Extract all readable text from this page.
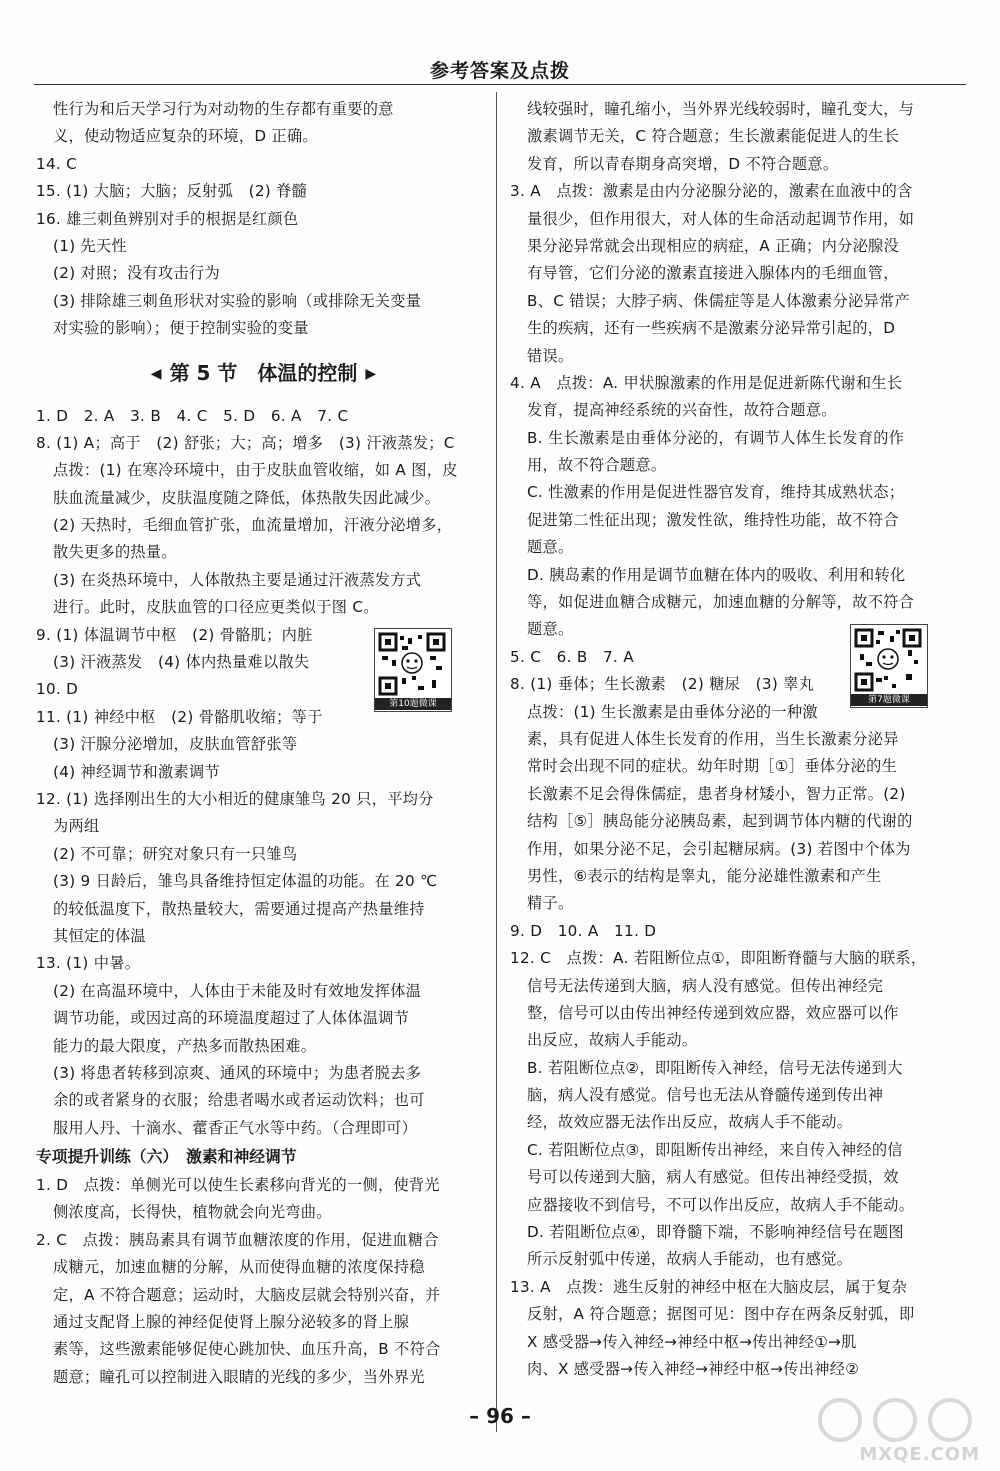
参考答案及点拨
性行为和后天学习行为对动物的生存都有重要的意
义，使动物适应复杂的环境，D 正确。
14. C
15. (1) 大脑；大脑；反射弧　(2) 脊髓
16. 雄三刺鱼辨别对手的根据是红颜色
(1) 先天性
(2) 对照；没有攻击行为
(3) 排除雄三刺鱼形状对实验的影响（或排除无关变量
对实验的影响）；便于控制实验的变量
◀ 第 5 节　体温的控制 ▶
1. D　2. A　3. B　4. C　5. D　6. A　7. C
8. (1) A；高于　(2) 舒张；大；高；增多　(3) 汗液蒸发；C
点拨：(1) 在寒冷环境中，由于皮肤血管收缩，如 A 图，皮
肤血流量减少，皮肤温度随之降低，体热散失因此减少。
(2) 天热时，毛细血管扩张，血流量增加，汗液分泌增多，
散失更多的热量。
(3) 在炎热环境中，人体散热主要是通过汗液蒸发方式
进行。此时，皮肤血管的口径应更类似于图 C。
9. (1) 体温调节中枢　(2) 骨骼肌；内脏
(3) 汗液蒸发　(4) 体内热量难以散失
10. D
11. (1) 神经中枢　(2) 骨骼肌收缩；等于
(3) 汗腺分泌增加，皮肤血管舒张等
(4) 神经调节和激素调节
12. (1) 选择刚出生的大小相近的健康雏鸟 20 只，平均分
为两组
(2) 不可靠；研究对象只有一只雏鸟
(3) 9 日龄后，雏鸟具备维持恒定体温的功能。在 20 ℃
的较低温度下，散热量较大，需要通过提高产热量维持
其恒定的体温
13. (1) 中暑。
(2) 在高温环境中，人体由于未能及时有效地发挥体温
调节功能，或因过高的环境温度超过了人体体温调节
能力的最大限度，产热多而散热困难。
(3) 将患者转移到凉爽、通风的环境中；为患者脱去多
余的或者紧身的衣服；给患者喝水或者运动饮料；也可
服用人丹、十滴水、藿香正气水等中药。（合理即可）
专项提升训练（六）　激素和神经调节
1. D　点拨：单侧光可以使生长素移向背光的一侧，使背光
侧浓度高，长得快，植物就会向光弯曲。
2. C　点拨：胰岛素具有调节血糖浓度的作用，促进血糖合
成糖元，加速血糖的分解，从而使得血糖的浓度保持稳
定，A 不符合题意；运动时，大脑皮层就会特别兴奋，并
通过支配肾上腺的神经促使肾上腺分泌较多的肾上腺
素等，这些激素能够促使心跳加快、血压升高，B 不符合
题意；瞳孔可以控制进入眼睛的光线的多少，当外界光
线较强时，瞳孔缩小，当外界光线较弱时，瞳孔变大，与
激素调节无关，C 符合题意；生长激素能促进人的生长
发育，所以青春期身高突增，D 不符合题意。
3. A　点拨：激素是由内分泌腺分泌的，激素在血液中的含
量很少，但作用很大，对人体的生命活动起调节作用，如
果分泌异常就会出现相应的病症，A 正确；内分泌腺没
有导管，它们分泌的激素直接进入腺体内的毛细血管，
B、C 错误；大脖子病、侏儒症等是人体激素分泌异常产
生的疾病，还有一些疾病不是激素分泌异常引起的，D
错误。
4. A　点拨：A. 甲状腺激素的作用是促进新陈代谢和生长
发育，提高神经系统的兴奋性，故符合题意。
B. 生长激素是由垂体分泌的，有调节人体生长发育的作
用，故不符合题意。
C. 性激素的作用是促进性器官发育，维持其成熟状态；
促进第二性征出现；激发性欲，维持性功能，故不符合
题意。
D. 胰岛素的作用是调节血糖在体内的吸收、利用和转化
等，如促进血糖合成糖元，加速血糖的分解等，故不符合
题意。
5. C　6. B　7. A
8. (1) 垂体；生长激素　(2) 糖尿　(3) 睾丸
点拨：(1) 生长激素是由垂体分泌的一种激
素，具有促进人体生长发育的作用，当生长激素分泌异
常时会出现不同的症状。幼年时期［①］垂体分泌的生
长激素不足会得侏儒症，患者身材矮小，智力正常。(2)
结构［⑤］胰岛能分泌胰岛素，起到调节体内糖的代谢的
作用，如果分泌不足，会引起糖尿病。(3) 若图中个体为
男性，⑥表示的结构是睾丸，能分泌雄性激素和产生
精子。
9. D　10. A　11. D
12. C　点拨：A. 若阻断位点①，即阻断脊髓与大脑的联系，
信号无法传递到大脑，病人没有感觉。但传出神经完
整，信号可以由传出神经传递到效应器，效应器可以作
出反应，故病人手能动。
B. 若阻断位点②，即阻断传入神经，信号无法传递到大
脑，病人没有感觉。信号也无法从脊髓传递到传出神
经，故效应器无法作出反应，故病人手不能动。
C. 若阻断位点③，即阻断传出神经，来自传入神经的信
号可以传递到大脑，病人有感觉。但传出神经受损，效
应器接收不到信号，不可以作出反应，故病人手不能动。
D. 若阻断位点④，即脊髓下端，不影响神经信号在题图
所示反射弧中传递，故病人手能动，也有感觉。
13. A　点拨：逃生反射的神经中枢在大脑皮层，属于复杂
反射，A 符合题意；据图可见：图中存在两条反射弧，即
X 感受器→传入神经→神经中枢→传出神经①→肌
肉、X 感受器→传入神经→神经中枢→传出神经②
第10题微课	第7题微课
– 96 –
MXQE.COM
